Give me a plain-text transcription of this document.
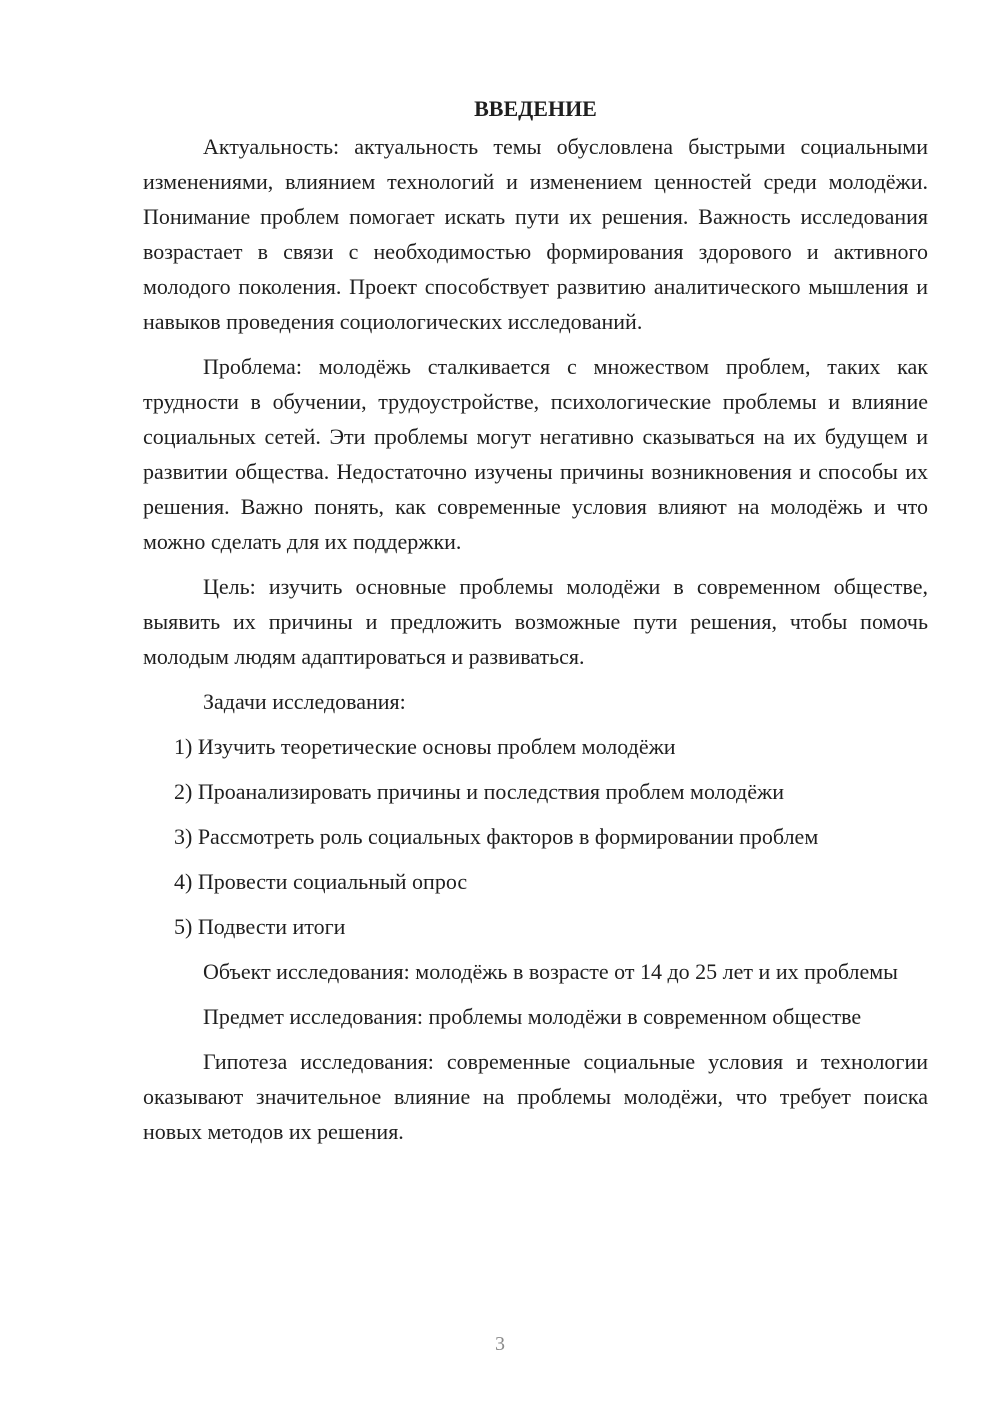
ВВЕДЕНИЕ

Актуальность: актуальность темы обусловлена быстрыми социальными изменениями, влиянием технологий и изменением ценностей среди молодёжи. Понимание проблем помогает искать пути их решения. Важность исследования возрастает в связи с необходимостью формирования здорового и активного молодого поколения. Проект способствует развитию аналитического мышления и навыков проведения социологических исследований.

Проблема: молодёжь сталкивается с множеством проблем, таких как трудности в обучении, трудоустройстве, психологические проблемы и влияние социальных сетей. Эти проблемы могут негативно сказываться на их будущем и развитии общества. Недостаточно изучены причины возникновения и способы их решения. Важно понять, как современные условия влияют на молодёжь и что можно сделать для их поддержки.

Цель: изучить основные проблемы молодёжи в современном обществе, выявить их причины и предложить возможные пути решения, чтобы помочь молодым людям адаптироваться и развиваться.

Задачи исследования:

1) Изучить теоретические основы проблем молодёжи
2) Проанализировать причины и последствия проблем молодёжи
3) Рассмотреть роль социальных факторов в формировании проблем
4) Провести социальный опрос
5) Подвести итоги

Объект исследования: молодёжь в возрасте от 14 до 25 лет и их проблемы

Предмет исследования: проблемы молодёжи в современном обществе

Гипотеза исследования: современные социальные условия и технологии оказывают значительное влияние на проблемы молодёжи, что требует поиска новых методов их решения.

3
